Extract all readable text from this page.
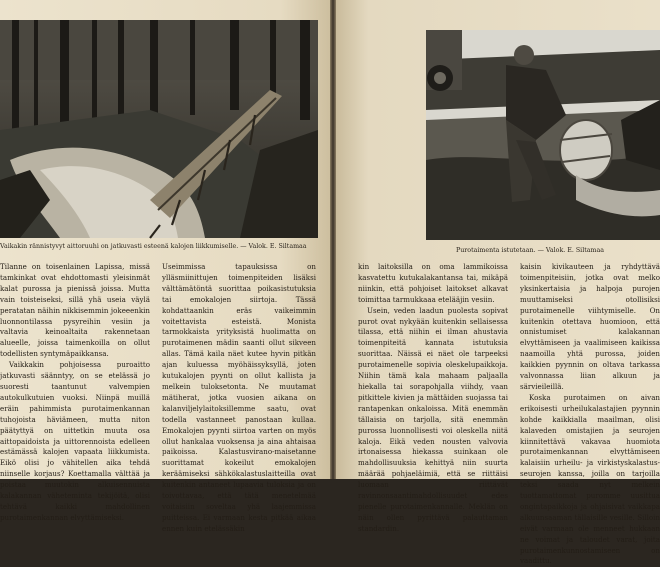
Vaikakin rännistyvyt aittoruuhi on jatkuvasti esteenä kalojen liikkumiselle. — Valok. E. Siltamaa

Tilanne on toisenlainen Lapissa, missä tamkinkat ovat ehdottomasti yleisinmät kalat purossa ja pienissä joissa. Mutta vain toisteiseksi, sillä yhä useia väylä peratatan näihin nikkisemmin jokeeenkin luonnontilassa pysyreihin vesiin ja valtavia keinoaltaita rakennetaan alueelle, joissa taimenkoilla on ollut todellisten syntymäpaikkansa.

Vaikkakin pohjoisessa puroaitto jatkuvasti säänntyy, on se etelässä jo suoresti taantunut valvempien autokulkutuien vuoksi. Niinpä muillä eräin pahimmista purotaimenkannan tuhojoista häviämeen, mutta niton päätyttyä on uittetkin muuta osa aittopaidoista ja uittorennoista edelleen estämässä kalojen vapaata liikkumista. Eikö olisi jo vähitellen aika tehdä niinselle korjaus? Koettamalla välttää ja poistaa muutokin alkuisennuista kalakannan väheteminta tekijöitä, olisi tehtävä kaikki mahdollinen purotaimenkannan elvyttämiseksi.

Useimmissa tapauksissa on ylläsmiinittujen toimenpiteiden lisäksi välttämätöntä suorittaa poikasistutuksia tai emokalojen siirtoja. Tässä kohdattaankin eräs vaikeimmin voitettavista esteistä. Monista tarmokkaista yrityksistä huolimatta on purotaimenen mädin saanti ollut sikveen allas. Tämä kaila näet kutee hyvin pitkän ajan kuluessa myöhäissyksyllä, joten kutukalojen pyynti on ollut kallista ja melkein tuloksetonta. Ne muutamat mätiherat, jotka vuosien aikana on kalanviljelylaitoksillemme saatu, ovat todella vastanneet panostaan kullaa. Emokalojen pyynti siirtoa varten on myös ollut hankalaa vuoksensa ja aina ahtaisaa paikoissa. Kalastusvirano-maisetanne suorittamat kokeilut emokalojen keräämiseksi sähkökalastuslaitteilla ovat kuitenkin antaneet lupaavia tuloksia ja on toivottavaa, että tätä menetelmää voitaisiin soveltaa yhä laajemmissa puitteissa. Ei varmaan kesta pitkää aikaa ennen kuin etelässäkin

Purotaimenta istutetaan. — Valok. E. Siltamaa

kin laitoksilla on oma lammikoissa kasvatettu kutukalakantansa tai, mikäpä niinkin, että pohjoiset laitokset alkavat toimittaa tarmukkaaa etelääjin vesiin.

Usein, veden laadun puolesta sopivat purot ovat nykyään kuitenkin sellaisessa tilassa, että niihin ei ilman ahustavia toimenpiteitä kannata istutuksia suorittaa. Näissä ei näet ole tarpeeksi purotaimenelle sopivia oleskelupaikkoja. Niihin tämä kala mahaam paljaalla hiekalla tai sorapohjalla viihdy, vaan pitkittele kivien ja mättäiden suojassa tai rantapenkan onkaloissa. Mitä enemmän tällaisia on tarjolla, sitä enemmän purossa luonnollisesti voi oleskella niitä kaloja. Eikä veden nousten valvovia irtonaisessa hiekassa suinkaan ole mahdollisuuksia kehittyä niin suurta määrää pohjaeläimiä, että se riittäisi luomaan riittävät ravinnonsaantimahdollisuudet edes pienelle purotaimenkannalle. Meklän on näin ollen pyrittävä palauttaman standardin.

kaisin kivikauteen ja ryhdyttävä toimenpiteisiin, jotka ovat melko yksinkertaisia ja halpoja purojen muuttamiseksi otollisiksi purotaimenelle viihtymiselle. On kuitenkin otettava huomioon, että onnistumiset kalakannan elvyttämiseen ja vaalimiseen kaikissa naamoilla yhtä purossa, joiden kaikkien pyynnin on oltava tarkassa valvonnassa liian alkuun ja särvieileillä.

Koska purotaimen on aivan erikoisesti urheilukalastajien pyynnin kohde kaikkialla maailman, olisi kalaveden omistajien ja seurojen kiinnitettävä vakavaa huomiota purotaimenkannan elvyttämiseen kalaisiin urheilu- ja virkistyskalastus-seurojen kanssa, joilla on tarjoilla teksi saada nyt melkein tuottamattomat puromme uusittua ongintapaikkoja ja ohjaisivat vaikkapa alkuunsaaman tällaisille vesille. Silloin eivät varmaan ole menneet hukkaan ne voimat ja taloudet varat, joita purotaimenkunnostamiseen on vaadittu.
